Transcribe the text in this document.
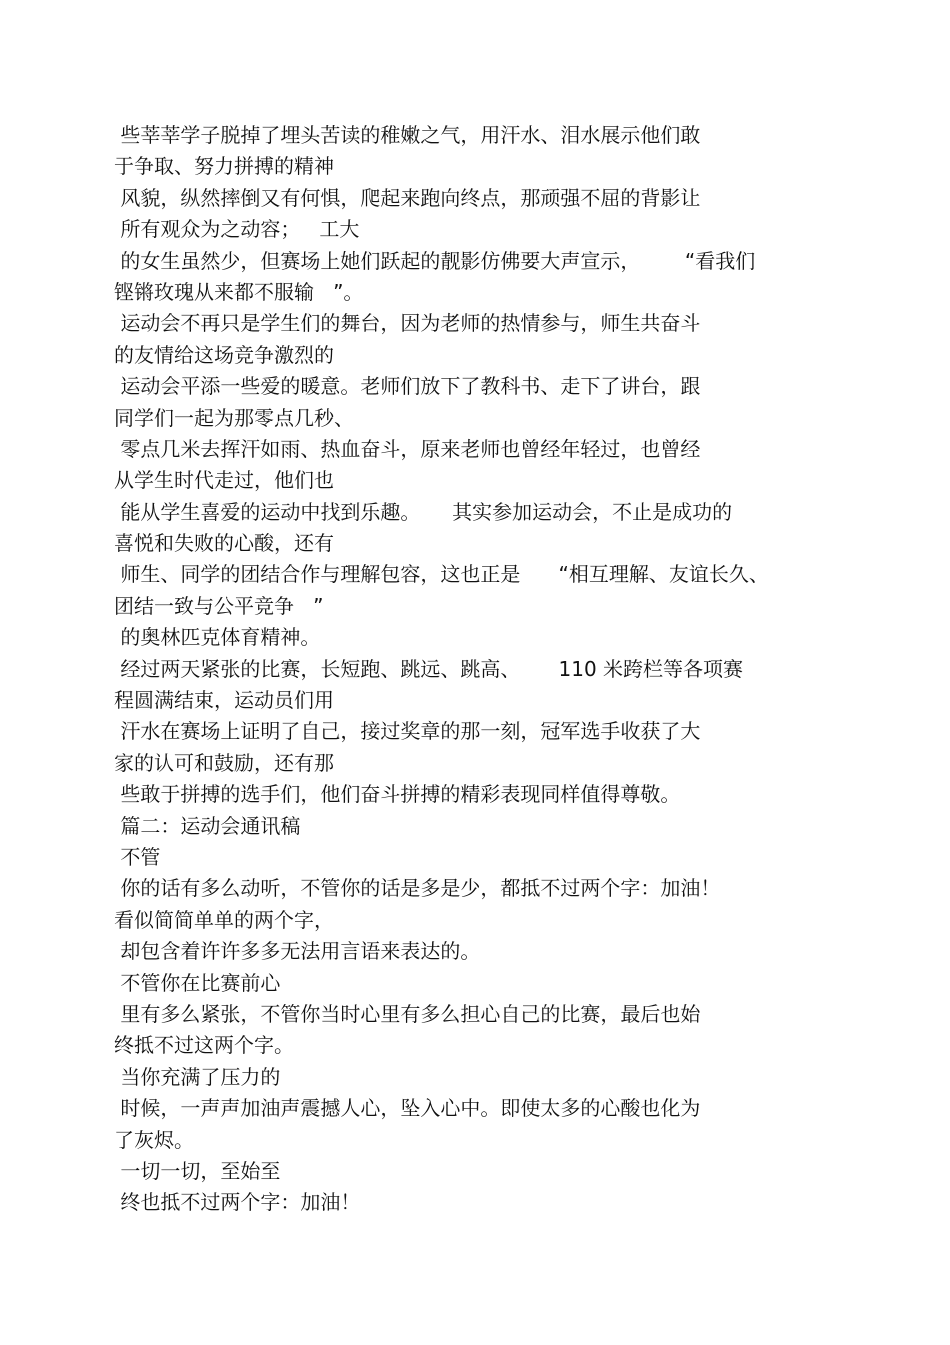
些莘莘学子脱掉了埋头苦读的稚嫩之气，用汗水、泪水展示他们敢
于争取、努力拼搏的精神
风貌，纵然摔倒又有何惧，爬起来跑向终点，那顽强不屈的背影让
所有观众为之动容；   工大
的女生虽然少，但赛场上她们跃起的靓影仿佛要大声宣示，       “看我们
铿锵玫瑰从来都不服输   ”。
运动会不再只是学生们的舞台，因为老师的热情参与，师生共奋斗
的友情给这场竞争激烈的
运动会平添一些爱的暖意。老师们放下了教科书、走下了讲台，跟
同学们一起为那零点几秒、
零点几米去挥汗如雨、热血奋斗，原来老师也曾经年轻过，也曾经
从学生时代走过，他们也
能从学生喜爱的运动中找到乐趣。     其实参加运动会，不止是成功的
喜悦和失败的心酸，还有
师生、同学的团结合作与理解包容，这也正是      “相互理解、友谊长久、
团结一致与公平竞争   ”
的奥林匹克体育精神。
经过两天紧张的比赛，长短跑、跳远、跳高、      110 米跨栏等各项赛
程圆满结束，运动员们用
汗水在赛场上证明了自己，接过奖章的那一刻，冠军选手收获了大
家的认可和鼓励，还有那
些敢于拼搏的选手们，他们奋斗拼搏的精彩表现同样值得尊敬。
篇二：运动会通讯稿
不管
你的话有多么动听，不管你的话是多是少，都抵不过两个字：加油！
看似简简单单的两个字，
却包含着许许多多无法用言语来表达的。
不管你在比赛前心
里有多么紧张，不管你当时心里有多么担心自己的比赛，最后也始
终抵不过这两个字。
当你充满了压力的
时候，一声声加油声震撼人心，坠入心中。即使太多的心酸也化为
了灰烬。
一切一切，至始至
终也抵不过两个字：加油！
